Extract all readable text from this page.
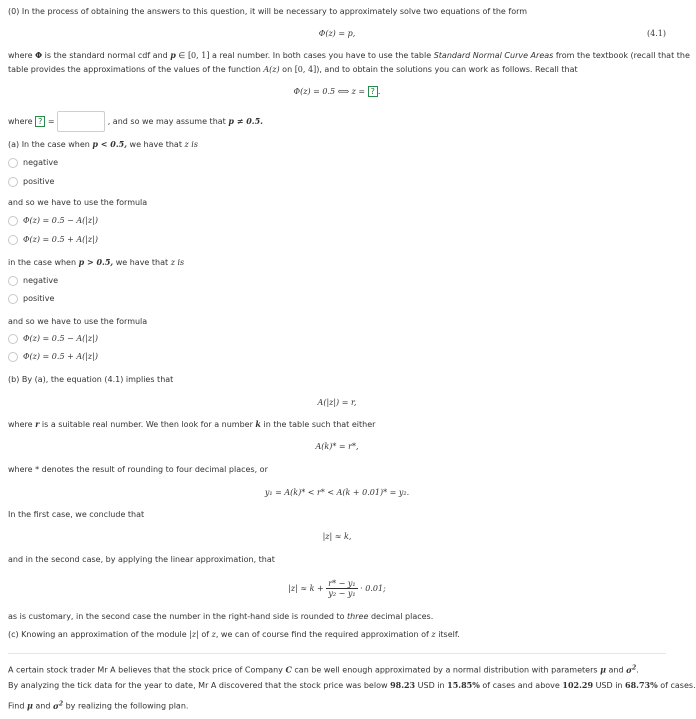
(0) In the process of obtaining the answers to this question, it will be necessary to approximately solve two equations of the form
Φ(z) = p,	(4.1)
where Φ is the standard normal cdf and p ∈ [0, 1] a real number. In both cases you have to use the table Standard Normal Curve Areas from the textbook (recall that the
table provides the approximations of the values of the function A(z) on [0, 4]), and to obtain the solutions you can work as follows. Recall that
Φ(z) = 0.5 ⟺ z = ? .
where ? =	, and so we may assume that p ≠ 0.5.
(a) In the case when p < 0.5, we have that z is
negative
positive
and so we have to use the formula
Φ(z) = 0.5 − A(|z|)
Φ(z) = 0.5 + A(|z|)
in the case when p > 0.5, we have that z is
negative
positive
and so we have to use the formula
Φ(z) = 0.5 − A(|z|)
Φ(z) = 0.5 + A(|z|)
(b) By (a), the equation (4.1) implies that
A(|z|) = r,
where r is a suitable real number. We then look for a number k in the table such that either
A(k)* = r*,
where * denotes the result of rounding to four decimal places, or
y₁ = A(k)* < r* < A(k + 0.01)* = y₂.
In the first case, we conclude that
|z| ≈ k,
and in the second case, by applying the linear approximation, that
$|z| \approx k + \frac{\text{r* − y₁}}{\text{y₂ − y₁}} \cdot 0.01$;
as is customary, in the second case the number in the right-hand side is rounded to three decimal places.
(c) Knowing an approximation of the module |z| of z, we can of course find the required approximation of z itself.
A certain stock trader Mr A believes that the stock price of Company C can be well enough approximated by a normal distribution with parameters μ and $\sigma^2$.
By analyzing the tick data for the year to date, Mr A discovered that the stock price was below 98.23 USD in 15.85% of cases and above 102.29 USD in 68.73% of cases.
Find μ and $\sigma^2$ by realizing the following plan.
